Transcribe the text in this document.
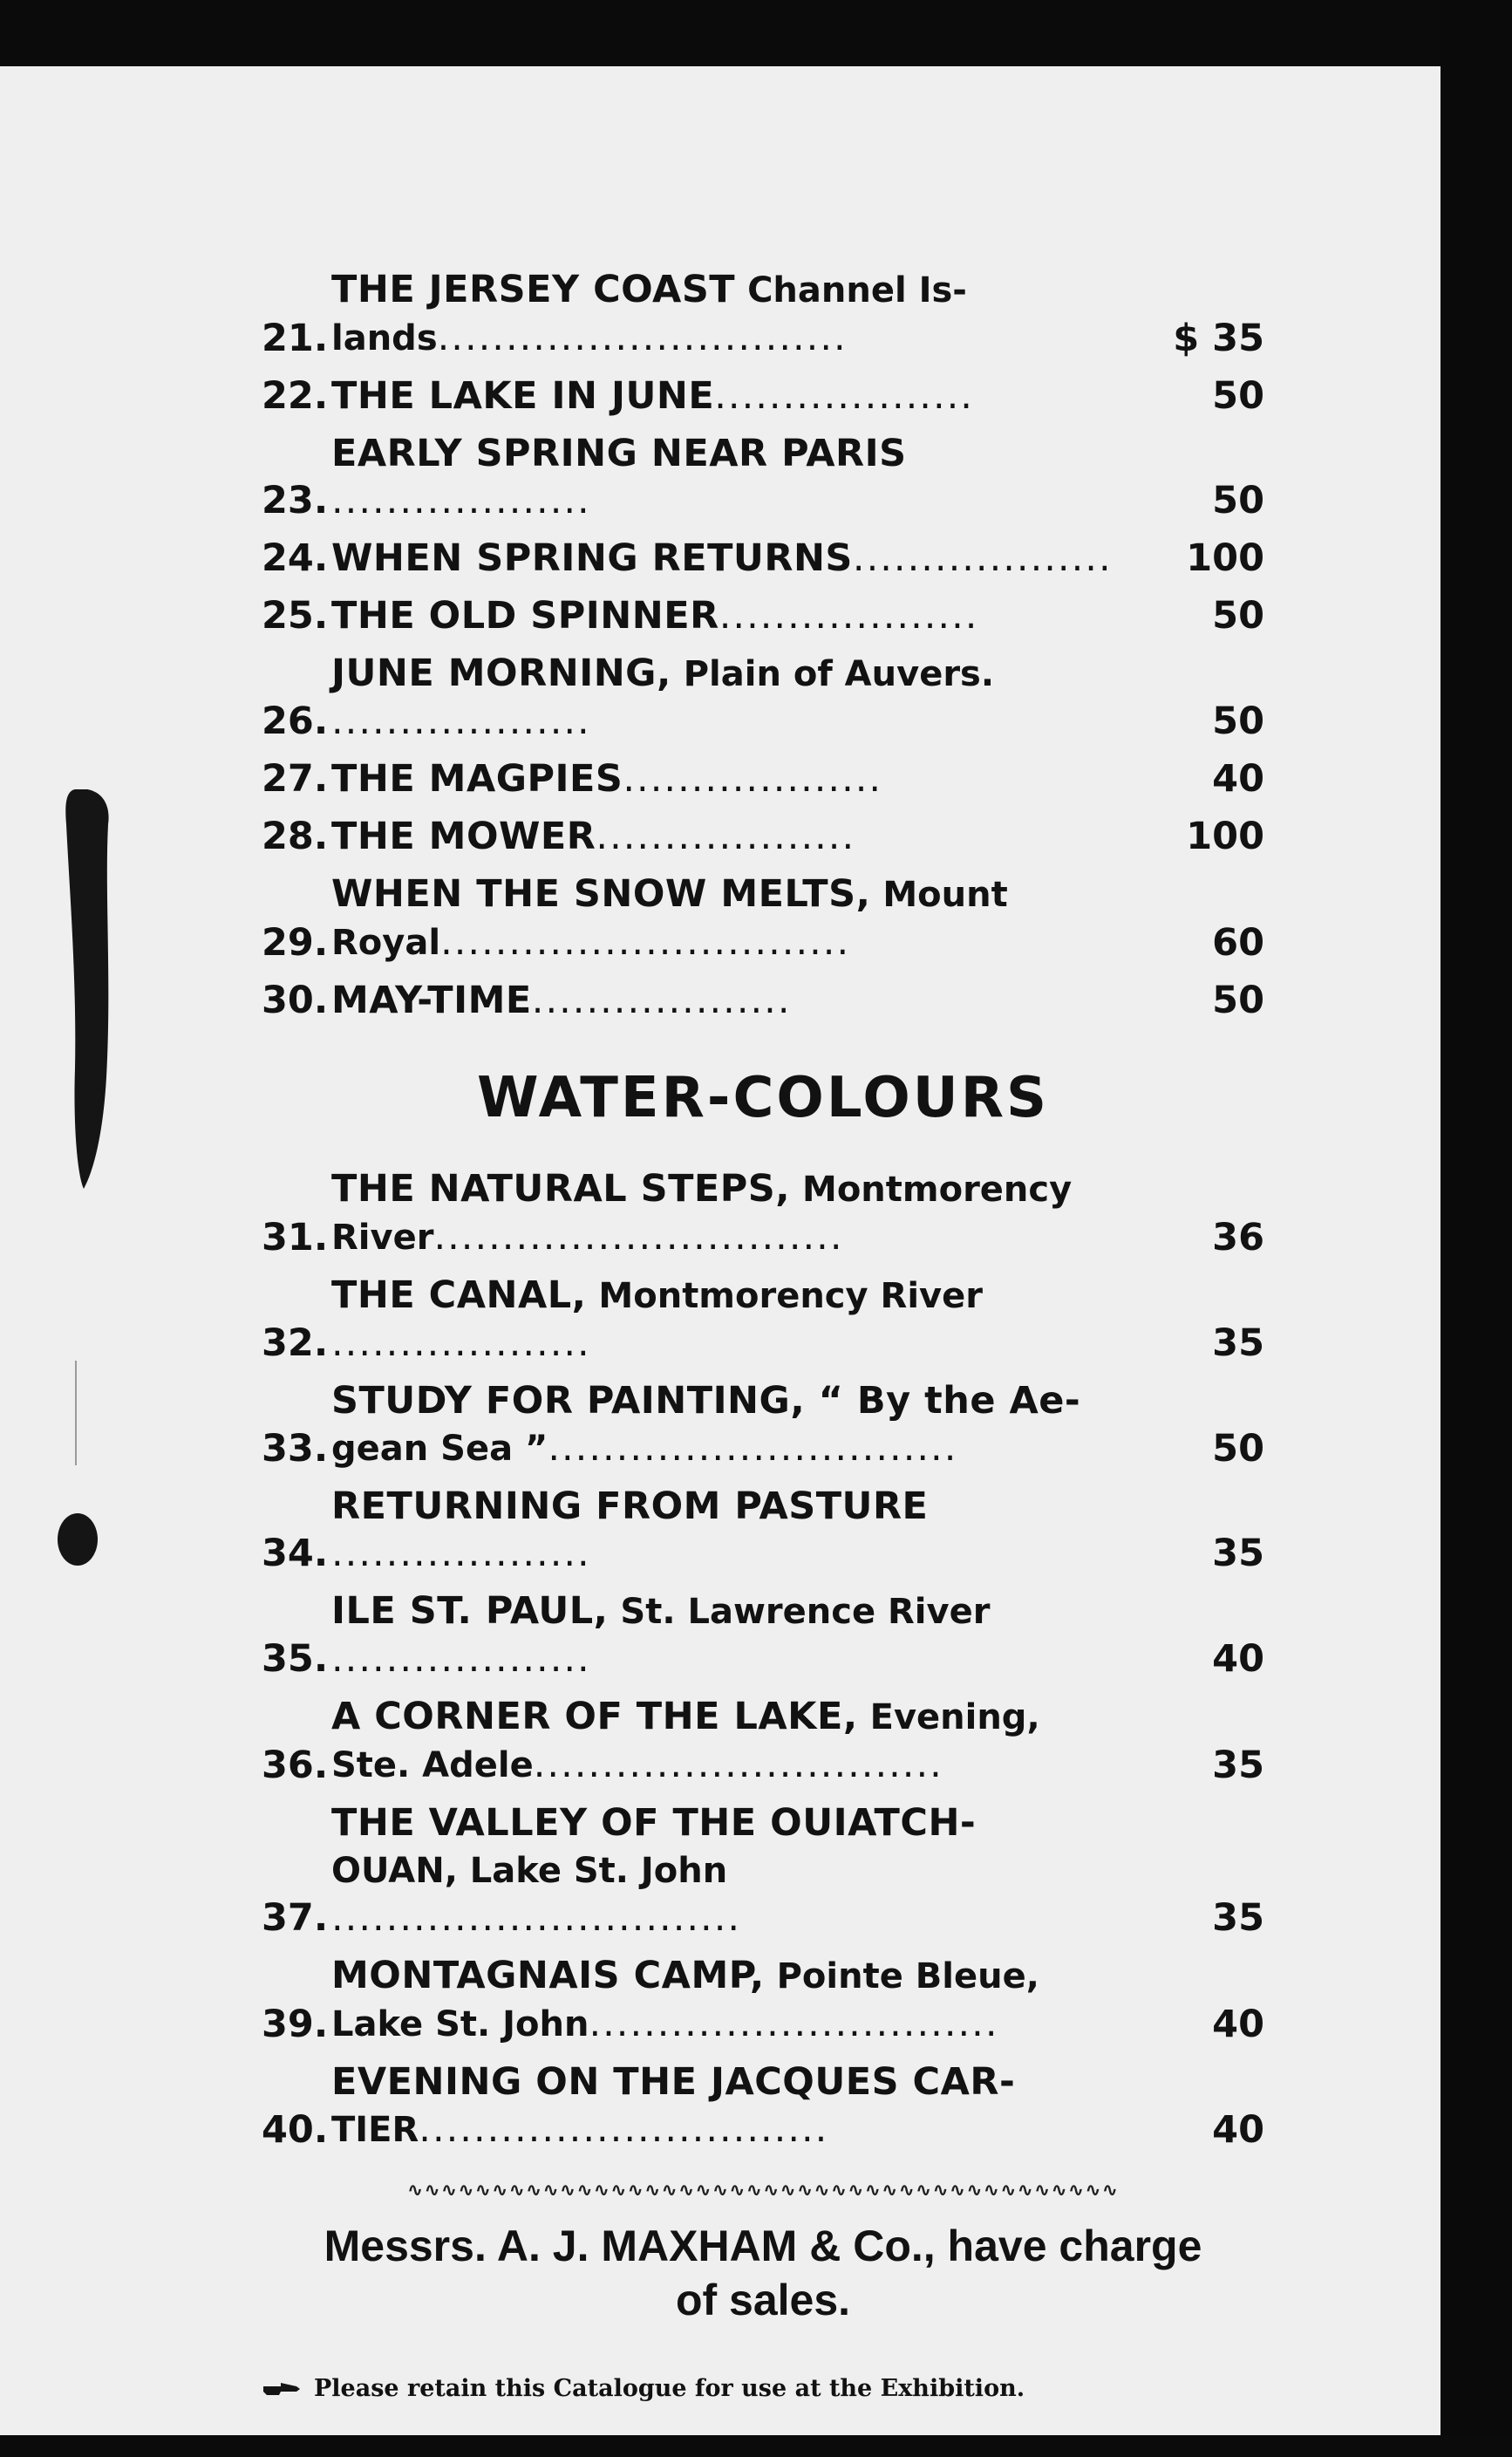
21.
THE JERSEY COAST Channel Is-
lands..............................	$ 35
22. THE LAKE IN JUNE...................	50
23.
EARLY SPRING NEAR PARIS...................	50
24. WHEN SPRING RETURNS...................	100
25. THE OLD SPINNER...................	50
26.
JUNE MORNING, Plain of Auvers....................	50
27. THE MAGPIES...................	40
28. THE MOWER...................	100
29.
WHEN THE SNOW MELTS, Mount
Royal..............................	60
30. MAY-TIME...................	50
WATER-COLOURS
31.
THE NATURAL STEPS, Montmorency
River..............................	36
32.
THE CANAL, Montmorency River...................	35
33.
STUDY FOR PAINTING, “ By the Ae-
gean Sea ”..............................	50
34.
RETURNING FROM PASTURE...................	35
35.
ILE ST. PAUL, St. Lawrence River...................	40
36.
A CORNER OF THE LAKE, Evening,
Ste. Adele..............................	35
37.
THE VALLEY OF THE OUIATCH-
OUAN, Lake St. John..............................	35
39.
MONTAGNAIS CAMP, Pointe Bleue,
Lake St. John..............................	40
40.
EVENING ON THE JACQUES CAR-
TIER..............................	40
∿∿∿∿∿∿∿∿∿∿∿∿∿∿∿∿∿∿∿∿∿∿∿∿∿∿∿∿∿∿∿∿∿∿∿∿∿∿∿∿∿∿
Messrs. A. J. MAXHAM & Co., have charge
of sales.
Please retain this Catalogue for use at the Exhibition.
